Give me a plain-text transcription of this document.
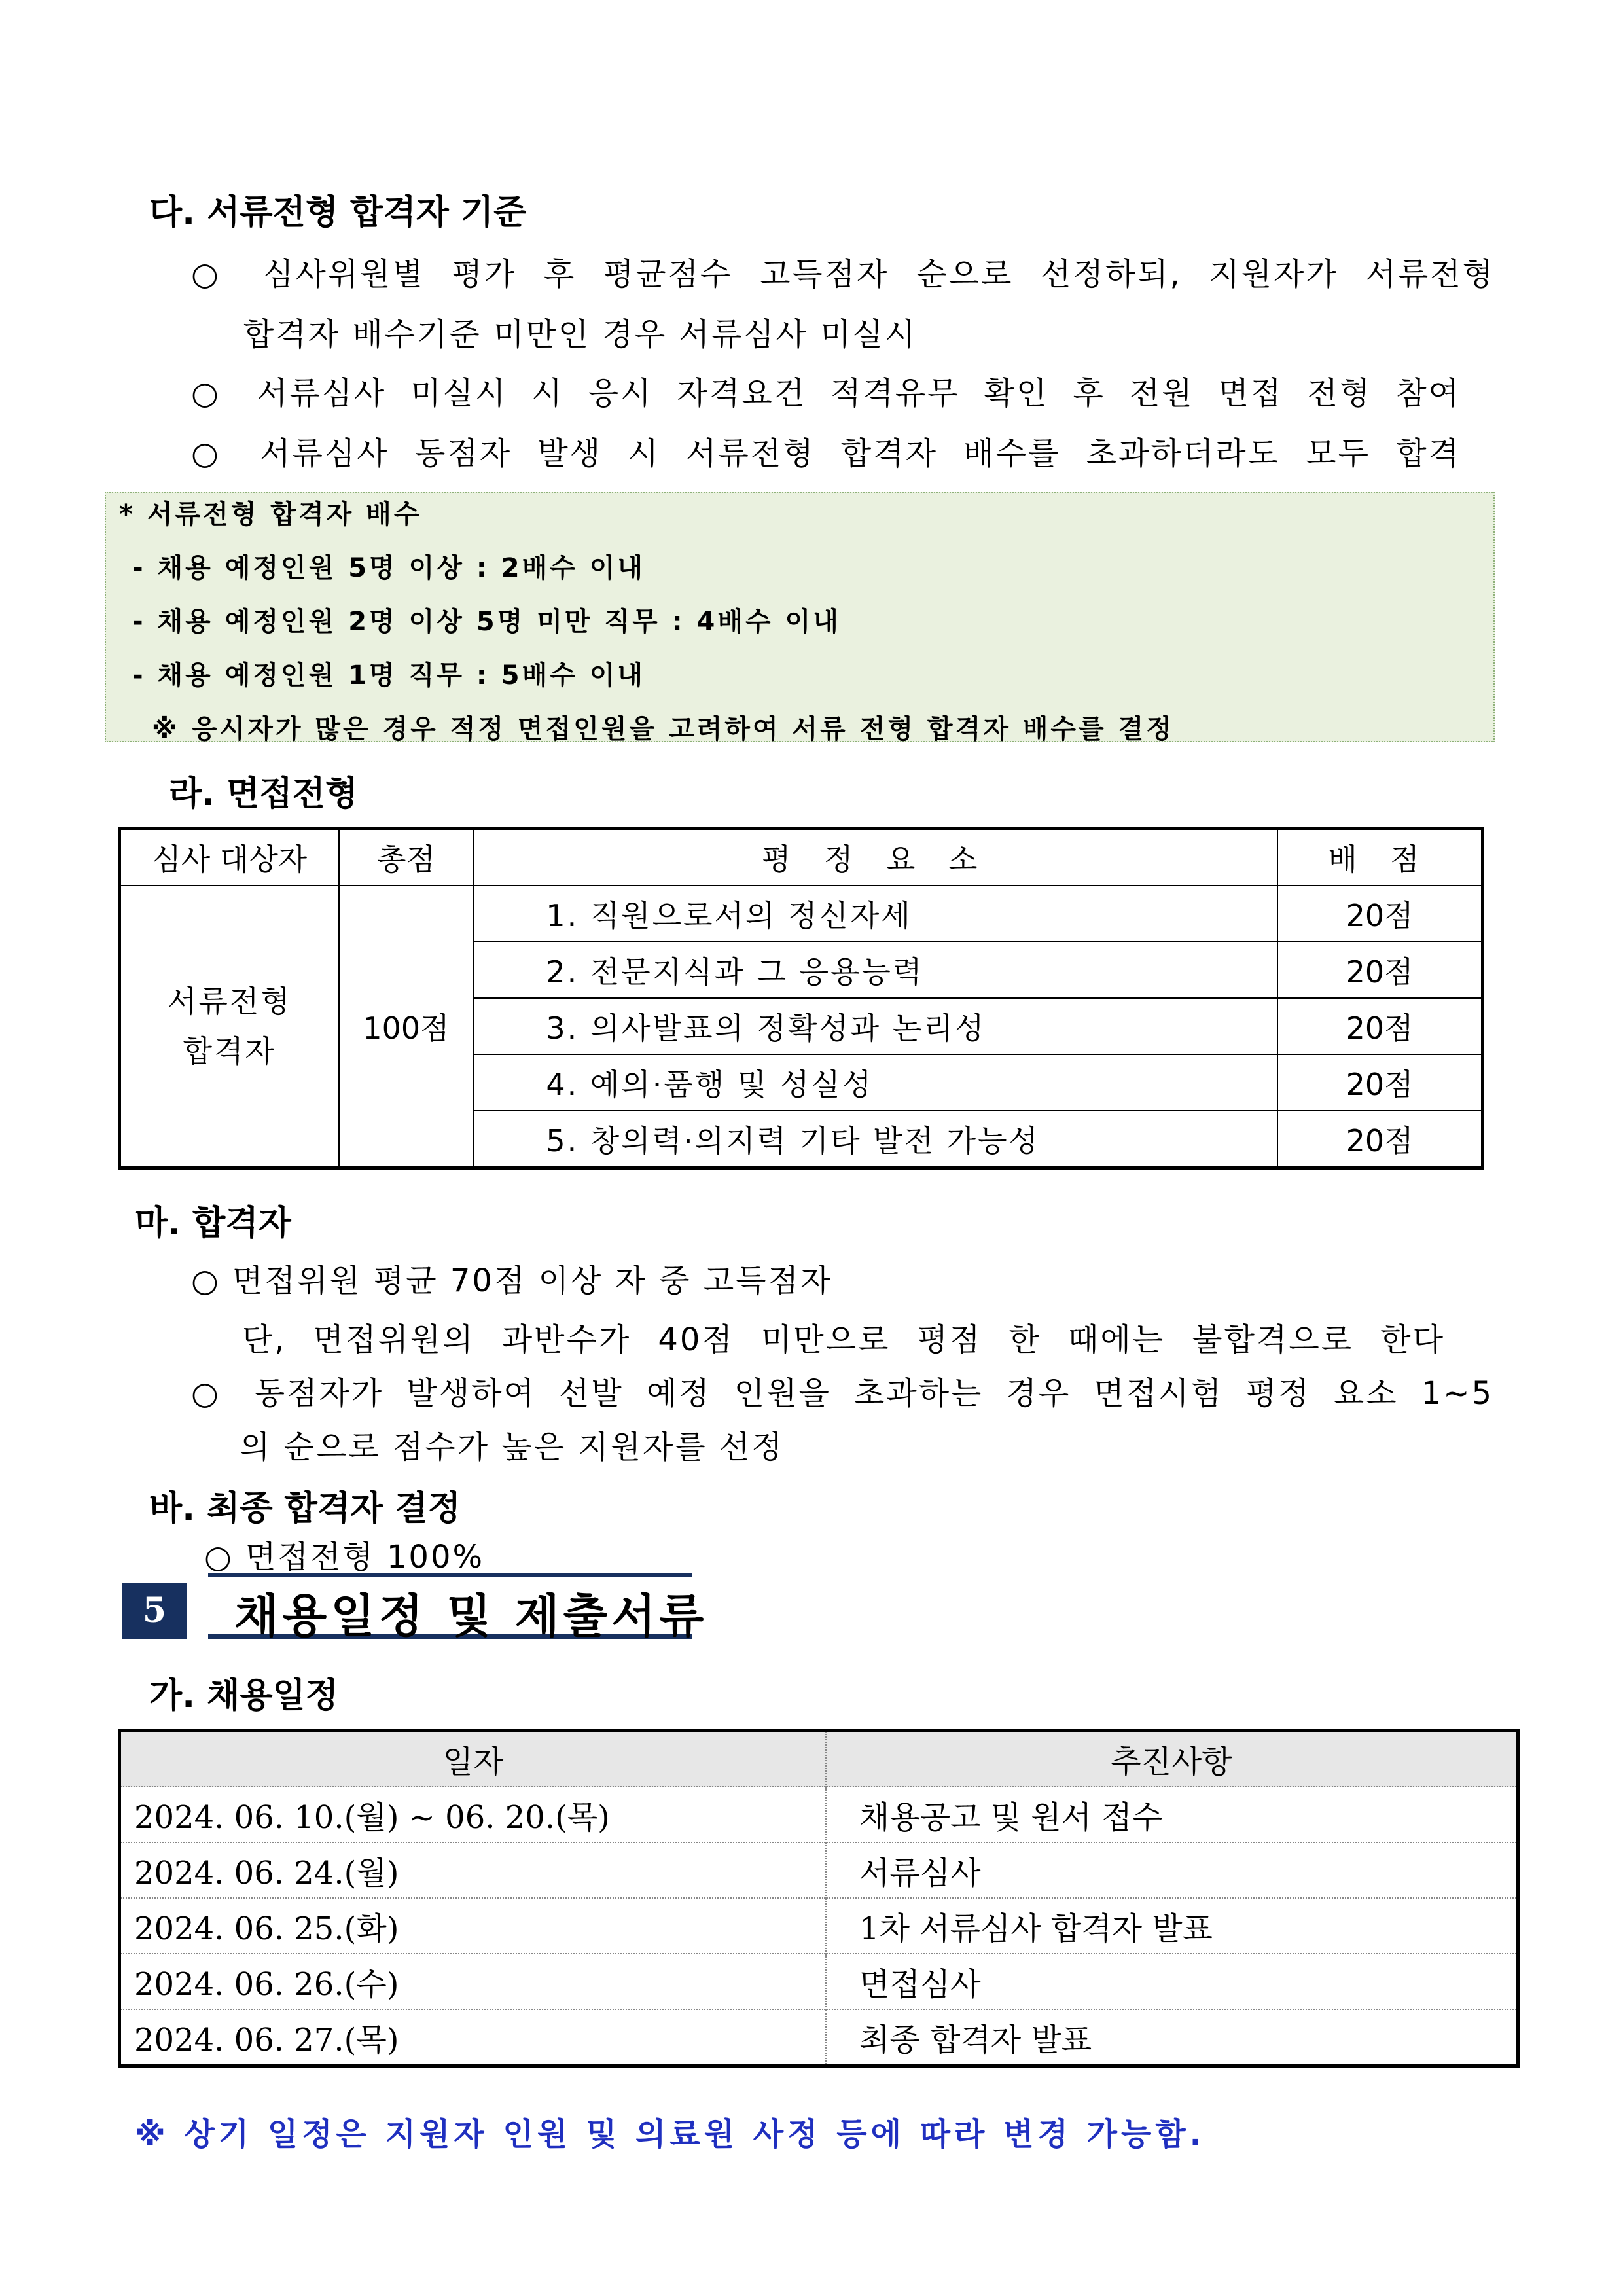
다. 서류전형 합격자 기준
○ 심사위원별 평가 후 평균점수 고득점자 순으로 선정하되, 지원자가 서류전형
합격자 배수기준 미만인 경우 서류심사 미실시
○ 서류심사 미실시 시 응시 자격요건 적격유무 확인 후 전원 면접 전형 참여
○ 서류심사 동점자 발생 시 서류전형 합격자 배수를 초과하더라도 모두 합격
* 서류전형 합격자 배수
- 채용 예정인원 5명 이상 : 2배수 이내
- 채용 예정인원 2명 이상 5명 미만 직무 : 4배수 이내
- 채용 예정인원 1명 직무 : 5배수 이내
※ 응시자가 많은 경우 적정 면접인원을 고려하여 서류 전형 합격자 배수를 결정
라. 면접전형
심사 대상자	총점	평 정 요 소	배 점
서류전형
합격자	100점	1. 직원으로서의 정신자세	20점
		2. 전문지식과 그 응용능력	20점
		3. 의사발표의 정확성과 논리성	20점
		4. 예의·품행 및 성실성	20점
		5. 창의력·의지력 기타 발전 가능성	20점
마. 합격자
○ 면접위원 평균 70점 이상 자 중 고득점자
단, 면접위원의 과반수가 40점 미만으로 평점 한 때에는 불합격으로 한다
○ 동점자가 발생하여 선발 예정 인원을 초과하는 경우 면접시험 평정 요소 1~5
의 순으로 점수가 높은 지원자를 선정
바. 최종 합격자 결정
○ 면접전형 100%
5	채용일정 및 제출서류
가. 채용일정
일자	추진사항
2024. 06. 10.(월) ~ 06. 20.(목)	채용공고 및 원서 접수
2024. 06. 24.(월)	서류심사
2024. 06. 25.(화)	1차 서류심사 합격자 발표
2024. 06. 26.(수)	면접심사
2024. 06. 27.(목)	최종 합격자 발표
※ 상기 일정은 지원자 인원 및 의료원 사정 등에 따라 변경 가능함.
